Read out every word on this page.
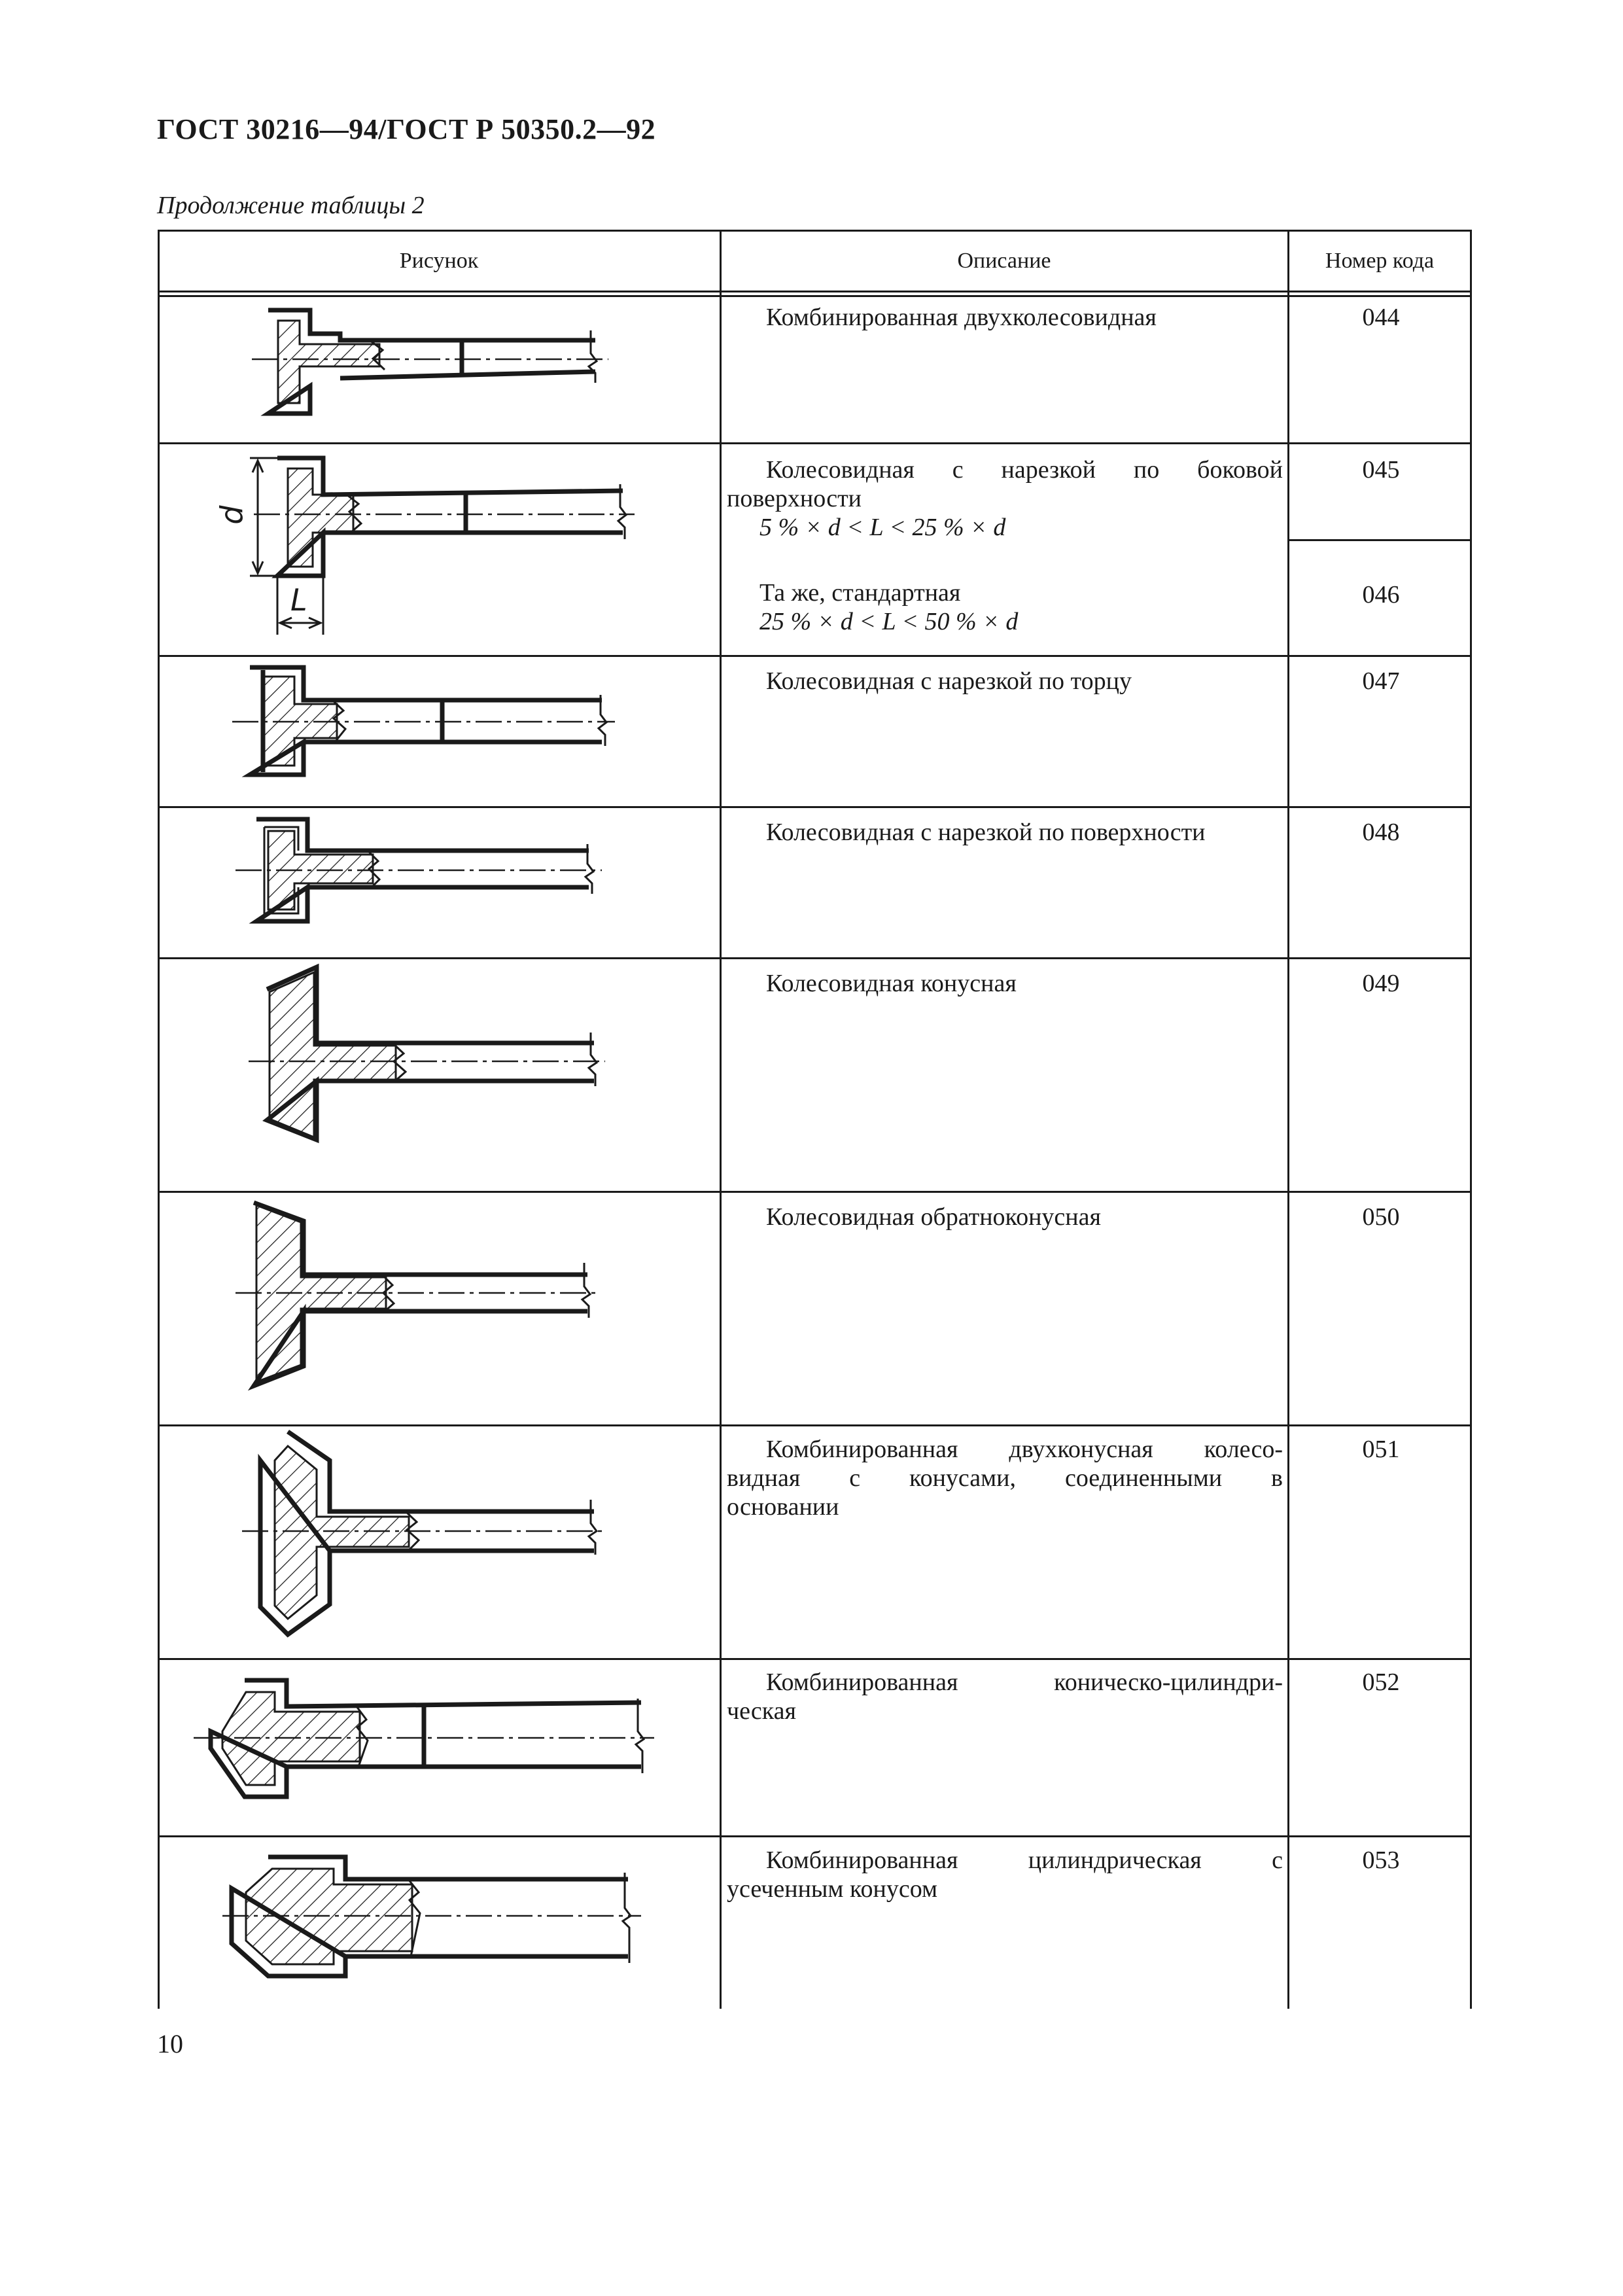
ГОСТ 30216—94/ГОСТ Р 50350.2—92
Продолжение таблицы 2
Рисунок	Описание	Номер кода
Комбинированная двухколесовидная
Колесовидная с нарезкой по боковой
поверхности
5 % × d < L < 25 % × d
Та же, стандартная
25 % × d < L < 50 % × d
Колесовидная с нарезкой по торцу
Колесовидная с нарезкой по поверхности
Колесовидная конусная
Колесовидная обратноконусная
Комбинированная двухконусная колесо-
видная с конусами, соединенными в
основании
Комбинированная коническо-цилиндри-
ческая
Комбинированная цилиндрическая с
усеченным конусом
044
045
046
047
048
049
050
051
052
053
d
L
10
